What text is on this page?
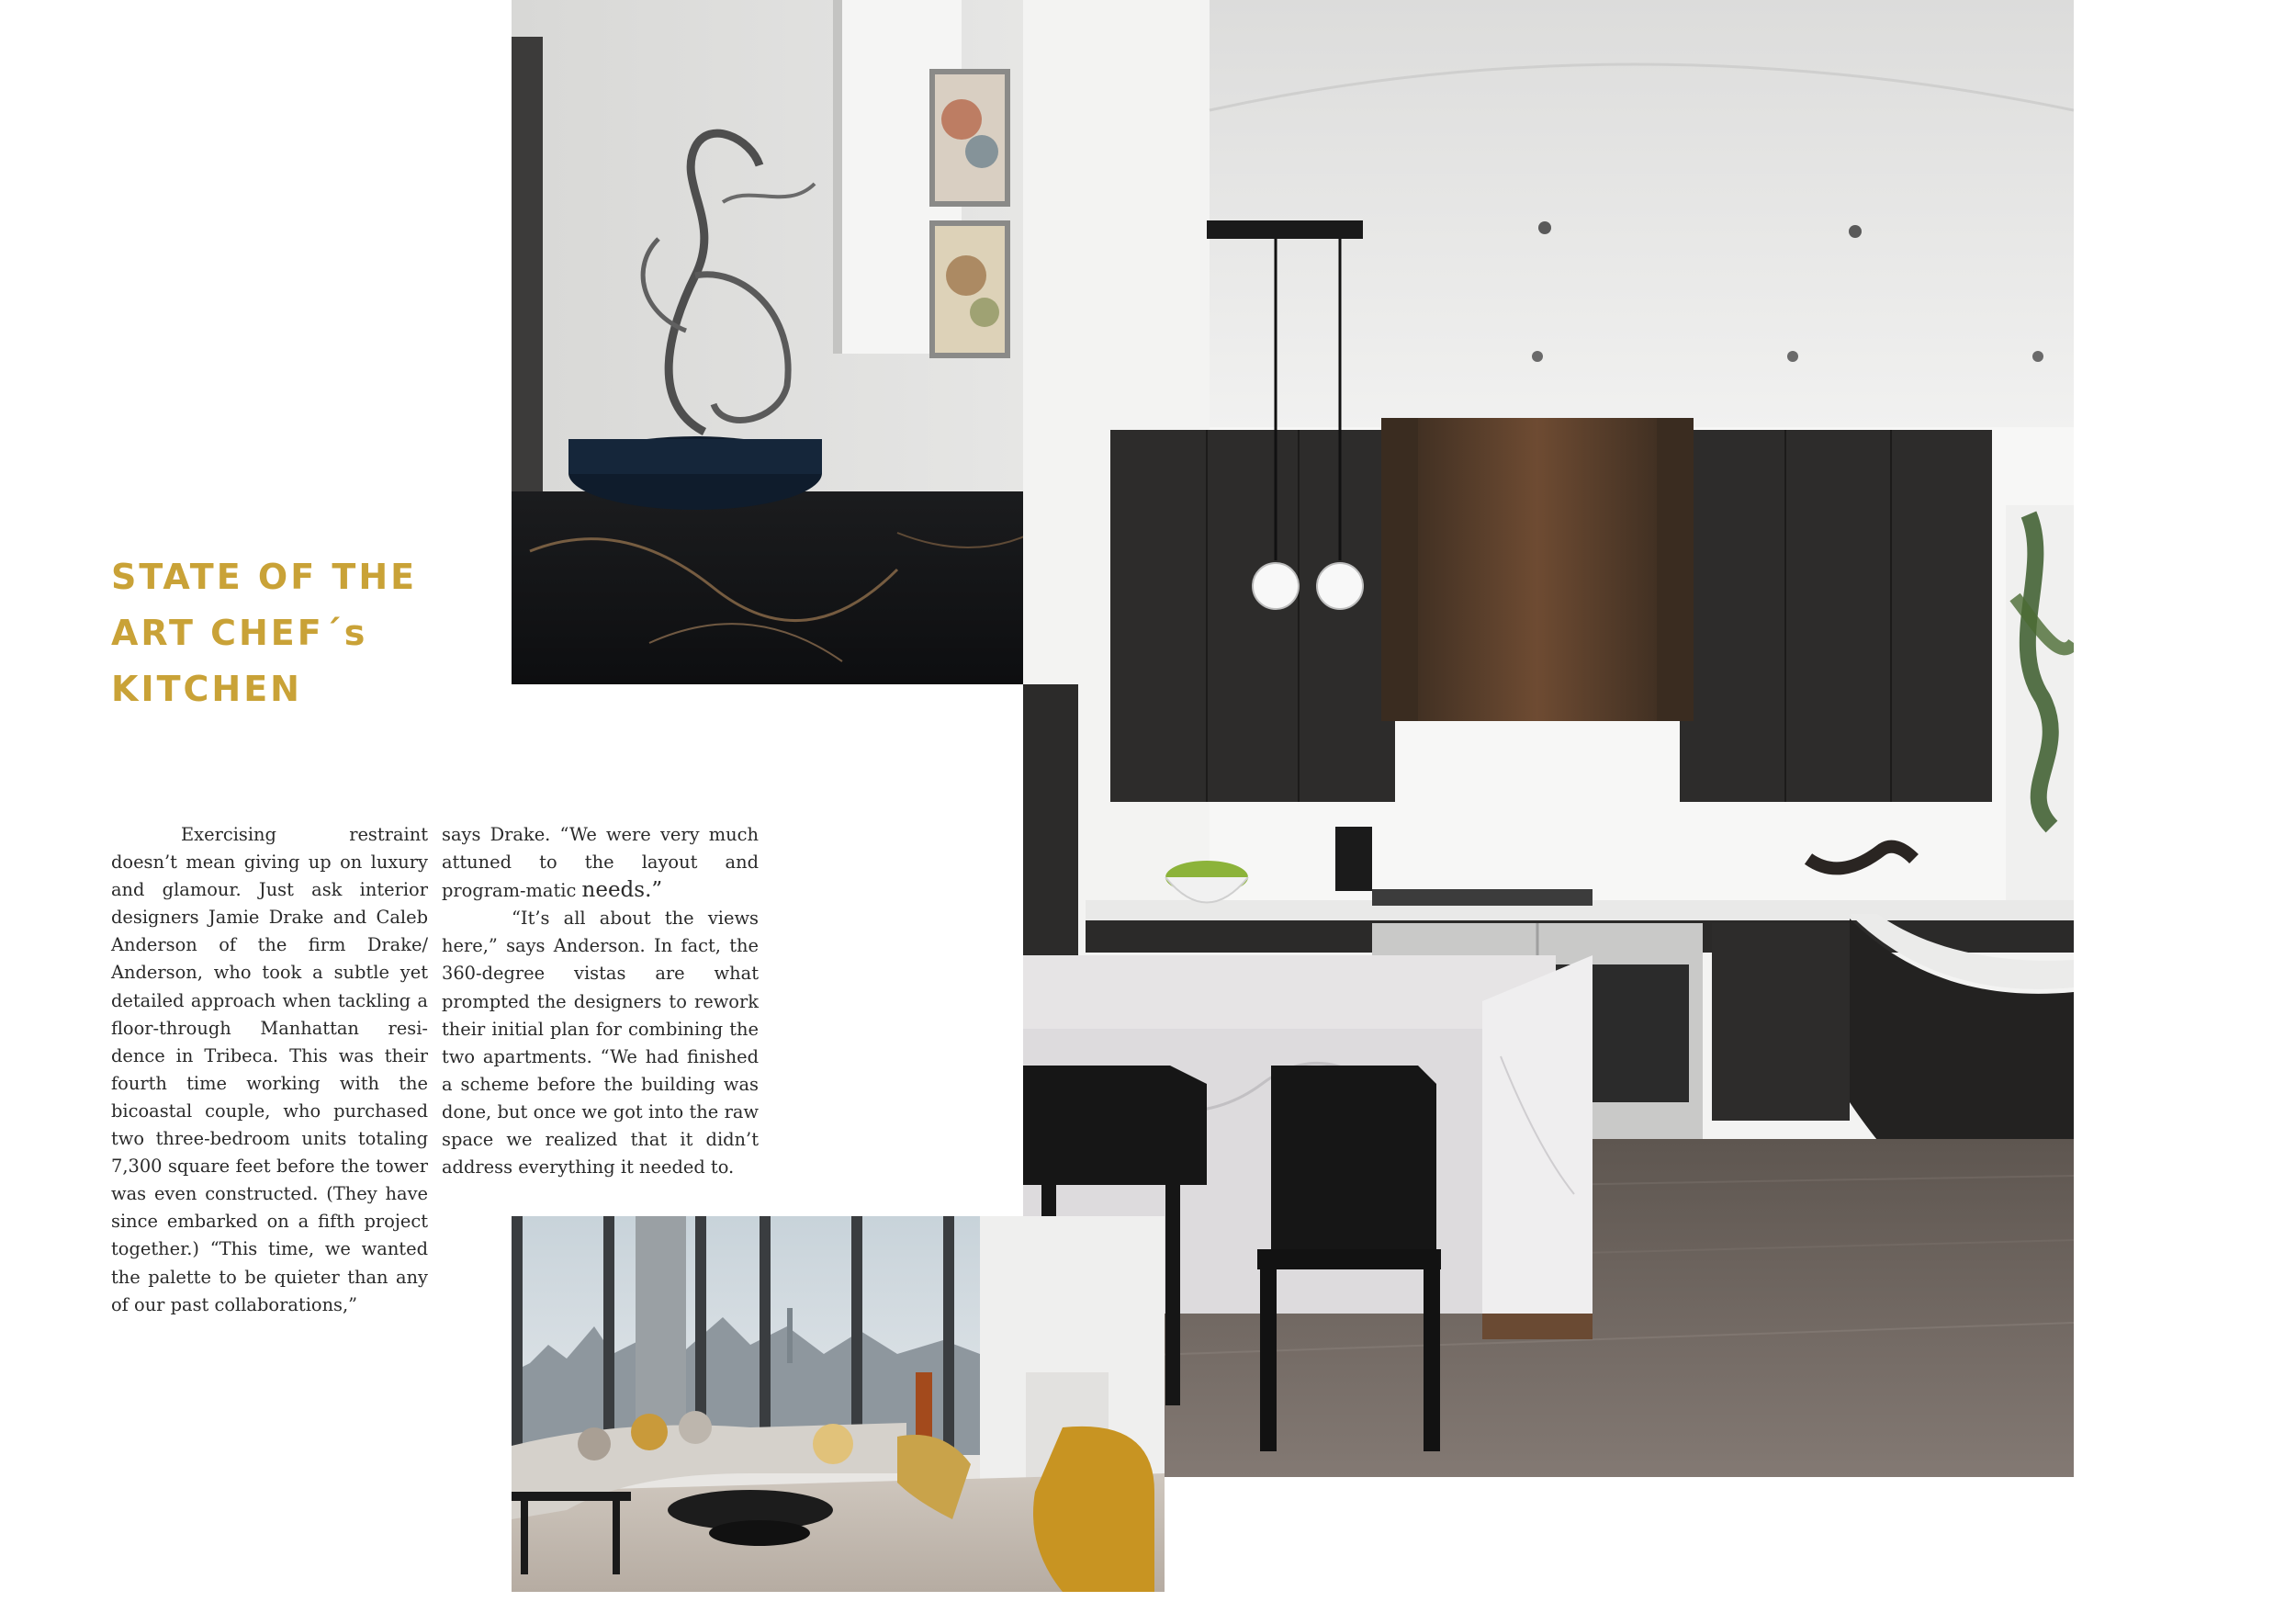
STATE OF THE
ART CHEF´s
KITCHEN

Exercising restraint doesn’t mean giving up on luxury and glamour. Just ask interior designers Jamie Drake and Caleb Anderson of the firm Drake/ Anderson, who took a subtle yet detailed approach when tackling a floor-through Manhattan resi-dence in Tribeca. This was their fourth time working with the bicoastal couple, who purchased two three-bedroom units totaling 7,300 square feet before the tower was even constructed. (They have since embarked on a fifth project together.) “This time, we wanted the palette to be quieter than any of our past collaborations,”

says Drake. “We were very much attuned to the layout and program-matic needs.”

“It’s all about the views here,” says Anderson. In fact, the 360-degree vistas are what prompted the designers to rework their initial plan for combining the two apartments. “We had finished a scheme before the building was done, but once we got into the raw space we realized that it didn’t address everything it needed to.
